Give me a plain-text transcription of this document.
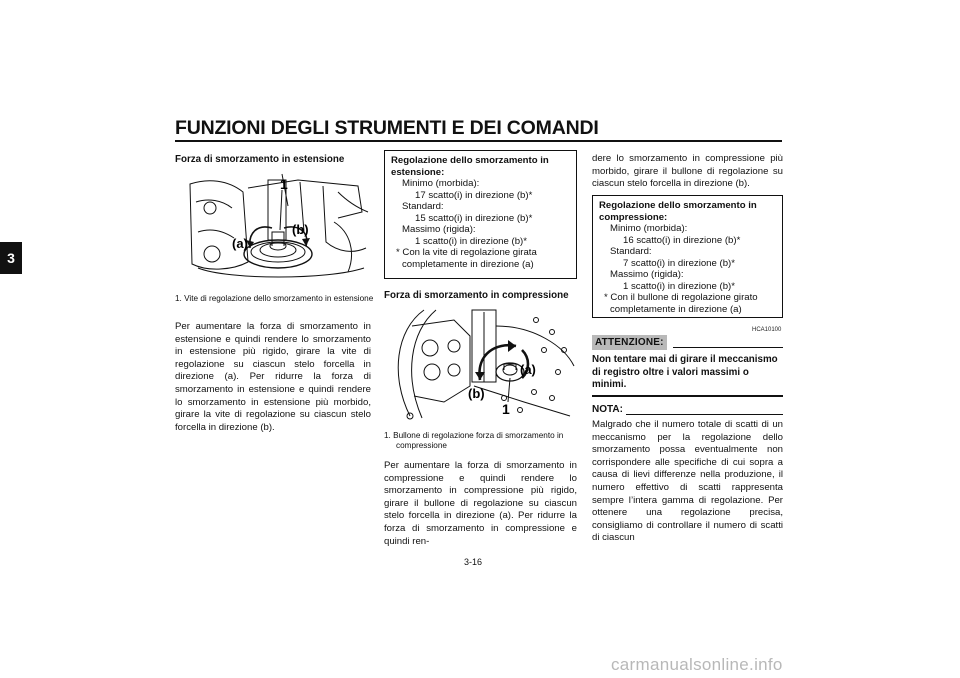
FUNZIONI DEGLI STRUMENTI E DEI COMANDI
3
Forza di smorzamento in estensione
1
(a)
(b)
1. Vite di regolazione dello smorzamento in estensione
Per aumentare la forza di smorzamento in estensione e quindi rendere lo smorzamento in estensione più rigido, girare la vite di regolazione su ciascun stelo forcella in direzione (a). Per ridurre la forza di smorzamento in estensione e quindi rendere lo smorzamento in estensione più morbido, girare la vite di regolazione su ciascun stelo forcella in direzione (b).
Regolazione dello smorzamento in estensione:
Minimo (morbida):
17 scatto(i) in direzione (b)*
Standard:
15 scatto(i) in direzione (b)*
Massimo (rigida):
1 scatto(i) in direzione (b)*
* Con la vite di regolazione girata completamente in direzione (a)
Forza di smorzamento in compressione
1
(a)
(b)
1. Bullone di regolazione forza di smorzamento in compressione
Per aumentare la forza di smorzamento in compressione e quindi rendere lo smorzamento in compressione più rigido, girare il bullone di regolazione su ciascun stelo forcella in direzione (a). Per ridurre la forza di smorzamento in compressione e quindi ren-
dere lo smorzamento in compressione più morbido, girare il bullone di regolazione su ciascun stelo forcella in direzione (b).
Regolazione dello smorzamento in compressione:
Minimo (morbida):
16 scatto(i) in direzione (b)*
Standard:
7 scatto(i) in direzione (b)*
Massimo (rigida):
1 scatto(i) in direzione (b)*
* Con il bullone di regolazione girato completamente in direzione (a)
HCA10100
ATTENZIONE:
Non tentare mai di girare il meccanismo di registro oltre i valori massimi o minimi.
NOTA:
Malgrado che il numero totale di scatti di un meccanismo per la regolazione dello smorzamento possa eventualmente non corrispondere alle specifiche di cui sopra a causa di lievi differenze nella produzione, il numero effettivo di scatti rappresenta sempre l’intera gamma di regolazione. Per ottenere una regolazione precisa, consigliamo di controllare il numero di scatti di ciascun
3-16
carmanualsonline.info
